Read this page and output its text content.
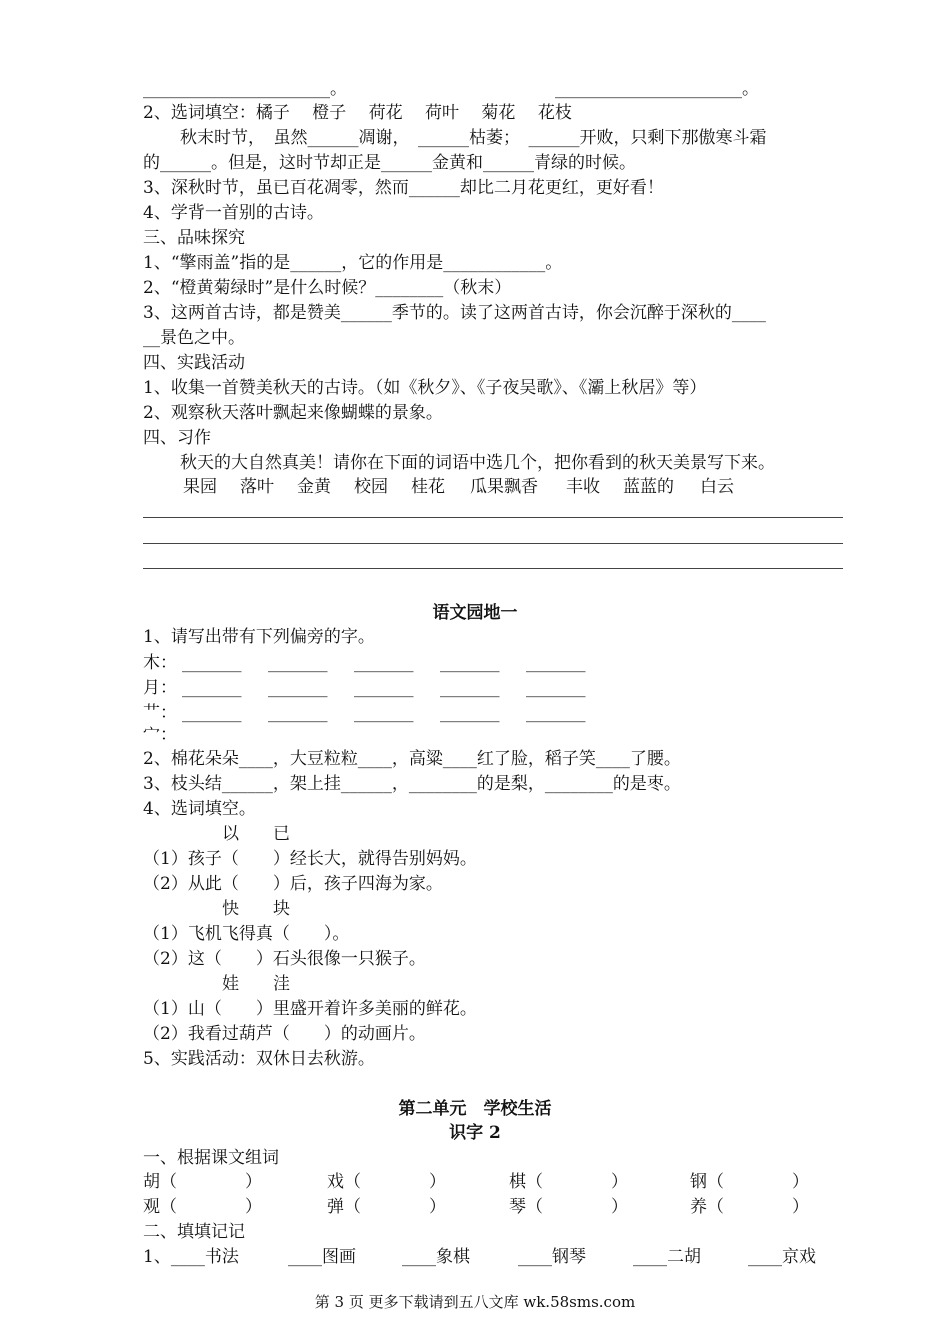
______________________。	______________________。
2、选词填空：橘子　 橙子　 荷花　 荷叶　 菊花　 花枝
秋末时节，　虽然______凋谢，　______枯萎；　______开败，只剩下那傲寒斗霜
的______。但是，这时节却正是______金黄和______青绿的时候。
3、深秋时节，虽已百花凋零，然而______却比二月花更红，更好看！
4、学背一首别的古诗。
三、品味探究
1、“擎雨盖”指的是______，它的作用是____________。
2、“橙黄菊绿时”是什么时候？________（秋末）
3、这两首古诗，都是赞美______季节的。读了这两首古诗，你会沉醉于深秋的____
__景色之中。
四、实践活动
1、收集一首赞美秋天的古诗。（如《秋夕》、《子夜吴歌》、《灞上秋居》等）
2、观察秋天落叶飘起来像蝴蝶的景象。
四、习作
秋天的大自然真美！请你在下面的词语中选几个，把你看到的秋天美景写下来。
果园 落叶 金黄 校园 桂花 瓜果飘香 丰收 蓝蓝的 白云
语文园地一
1、请写出带有下列偏旁的字。
木： _______ _______ _______ _______ _______
月： _______ _______ _______ _______ _______
艹： _______ _______ _______ _______ _______
宀：
2、棉花朵朵____，大豆粒粒____，高粱____红了脸，稻子笑____了腰。
3、枝头结______，架上挂______，________的是梨，________的是枣。
4、选词填空。
以　　已
（1）孩子（　　）经长大，就得告别妈妈。
（2）从此（　　）后，孩子四海为家。
快　　块
（1）飞机飞得真（　　）。
（2）这（　　）石头很像一只猴子。
娃　　洼
（1）山（　　）里盛开着许多美丽的鲜花。
（2）我看过葫芦（　　）的动画片。
5、实践活动：双休日去秋游。
第二单元　学校生活
识字 2
一、根据课文组词
胡（　　　　）	戏（　　　　）	棋（　　　　）	钢（　　　　）
观（　　　　）	弹（　　　　）	琴（　　　　）	养（　　　　）
二、填填记记
1、____书法	____图画	____象棋	____钢琴	____二胡	____京戏
第 3 页 更多下载请到五八文库 wk.58sms.com
